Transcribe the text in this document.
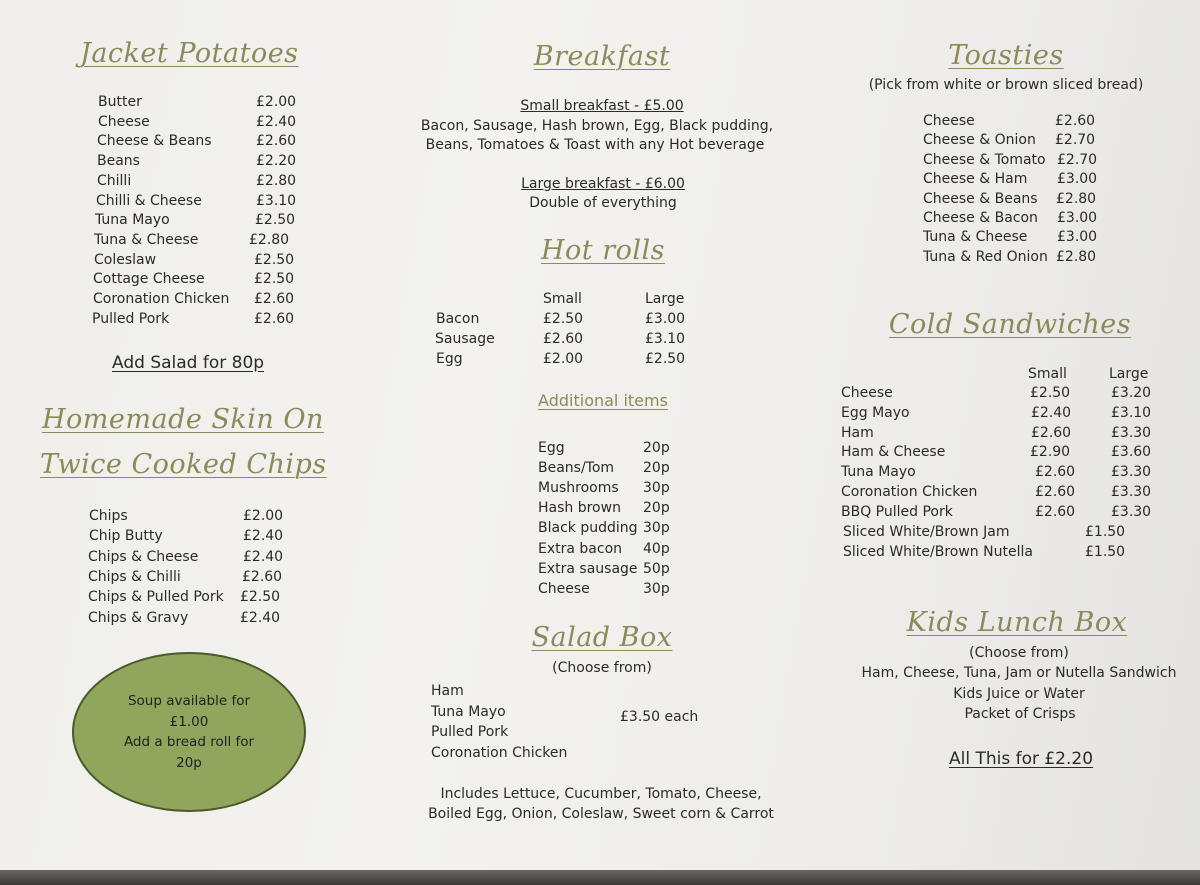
Jacket Potatoes
Butter	£2.00
Cheese	£2.40
Cheese & Beans	£2.60
Beans	£2.20
Chilli	£2.80
Chilli & Cheese	£3.10
Tuna Mayo	£2.50
Tuna & Cheese	£2.80
Coleslaw	£2.50
Cottage Cheese	£2.50
Coronation Chicken £2.60
Pulled Pork	£2.60
Add Salad for 80p
Homemade Skin On
Twice Cooked Chips
Chips	£2.00
Chip Butty	£2.40
Chips & Cheese	£2.40
Chips & Chilli	£2.60
Chips & Pulled Pork £2.50
Chips & Gravy	£2.40
Soup available for
£1.00
Add a bread roll for
20p
Breakfast
Small breakfast - £5.00
Bacon, Sausage, Hash brown, Egg, Black pudding,
Beans, Tomatoes & Toast with any Hot beverage
Large breakfast - £6.00
Double of everything
Hot rolls
Small	Large
Bacon	£2.50	£3.00
Sausage	£2.60	£3.10
Egg	£2.00	£2.50
Additional items
Egg	20p
Beans/Tom 20p
Mushrooms 30p
Hash brown 20p
Black pudding 30p
Extra bacon 40p
Extra sausage 50p
Cheese	30p
Salad Box
(Choose from)
Ham
Tuna Mayo
Pulled Pork
Coronation Chicken
£3.50 each
Includes Lettuce, Cucumber, Tomato, Cheese,
Boiled Egg, Onion, Coleslaw, Sweet corn & Carrot
Toasties
(Pick from white or brown sliced bread)
Cheese	£2.60
Cheese & Onion £2.70
Cheese & Tomato £2.70
Cheese & Ham £3.00
Cheese & Beans £2.80
Cheese & Bacon £3.00
Tuna & Cheese £3.00
Tuna & Red Onion £2.80
Cold Sandwiches
Small	Large
Cheese	£2.50	£3.20
Egg Mayo	£2.40	£3.10
Ham	£2.60	£3.30
Ham & Cheese	£2.90	£3.60
Tuna Mayo	£2.60	£3.30
Coronation Chicken	£2.60	£3.30
BBQ Pulled Pork	£2.60	£3.30
Sliced White/Brown Jam	£1.50
Sliced White/Brown Nutella	£1.50
Kids Lunch Box
(Choose from)
Ham, Cheese, Tuna, Jam or Nutella Sandwich
Kids Juice or Water
Packet of Crisps
All This for £2.20
